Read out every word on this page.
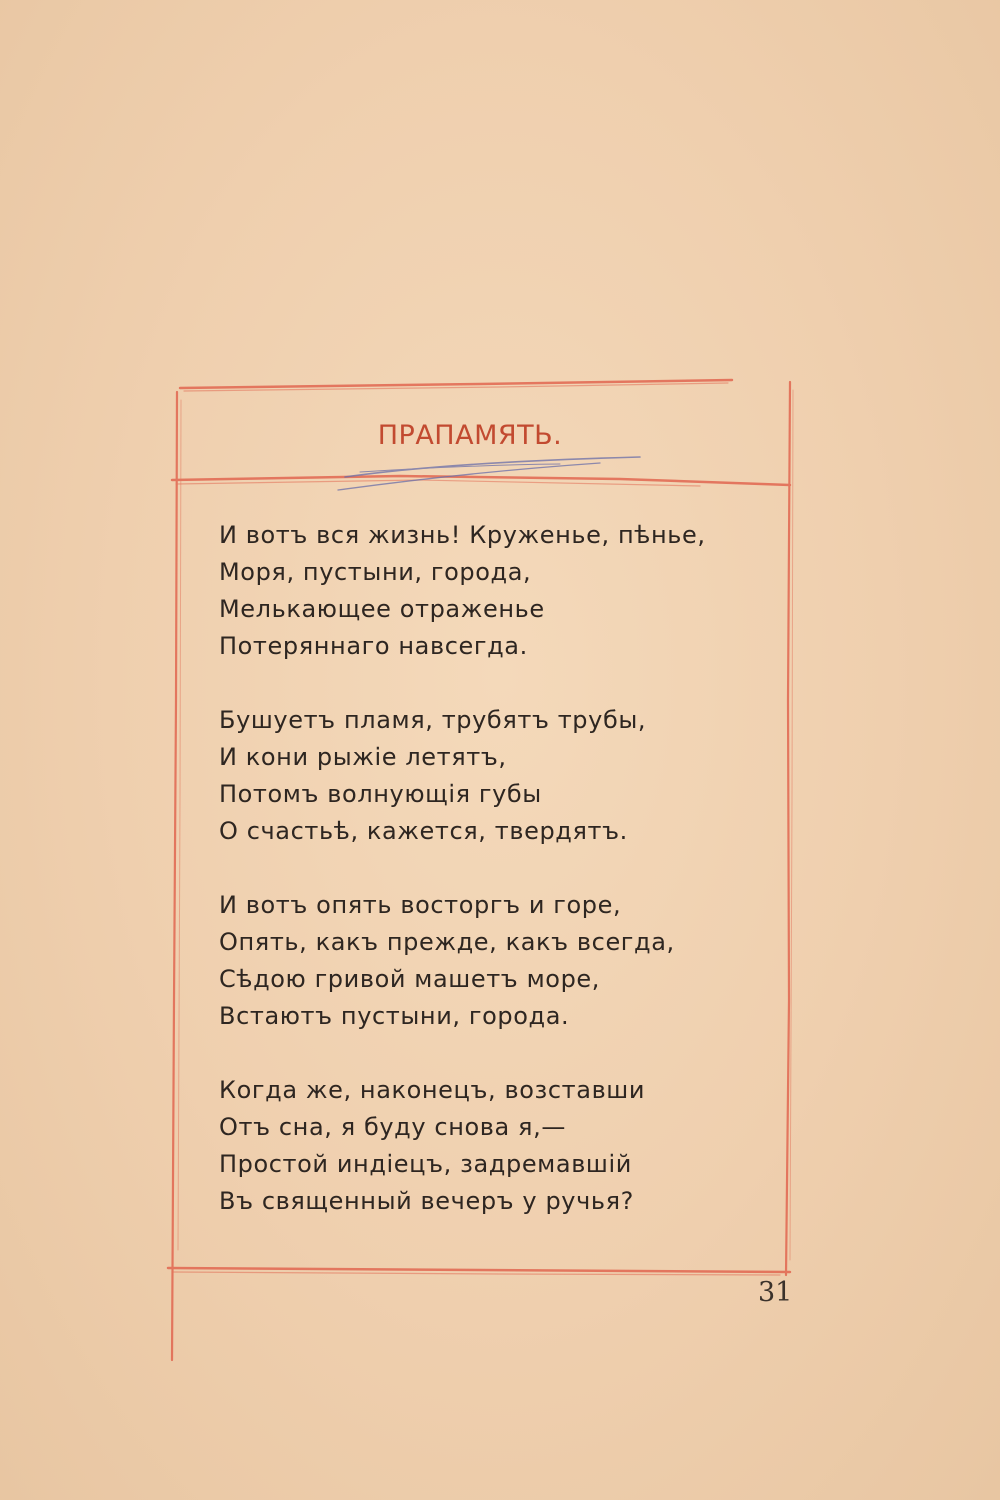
ПРАПАМЯТЬ.
И вотъ вся жизнь! Круженье, пѣнье,
Моря, пустыни, города,
Мелькающее отраженье
Потеряннаго навсегда.
Бушуетъ пламя, трубятъ трубы,
И кони рыжіе летятъ,
Потомъ волнующія губы
О счастьѣ, кажется, твердятъ.
И вотъ опять восторгъ и горе,
Опять, какъ прежде, какъ всегда,
Сѣдою гривой машетъ море,
Встаютъ пустыни, города.
Когда же, наконецъ, возставши
Отъ сна, я буду снова я,—
Простой индіецъ, задремавшій
Въ священный вечеръ у ручья?
31
